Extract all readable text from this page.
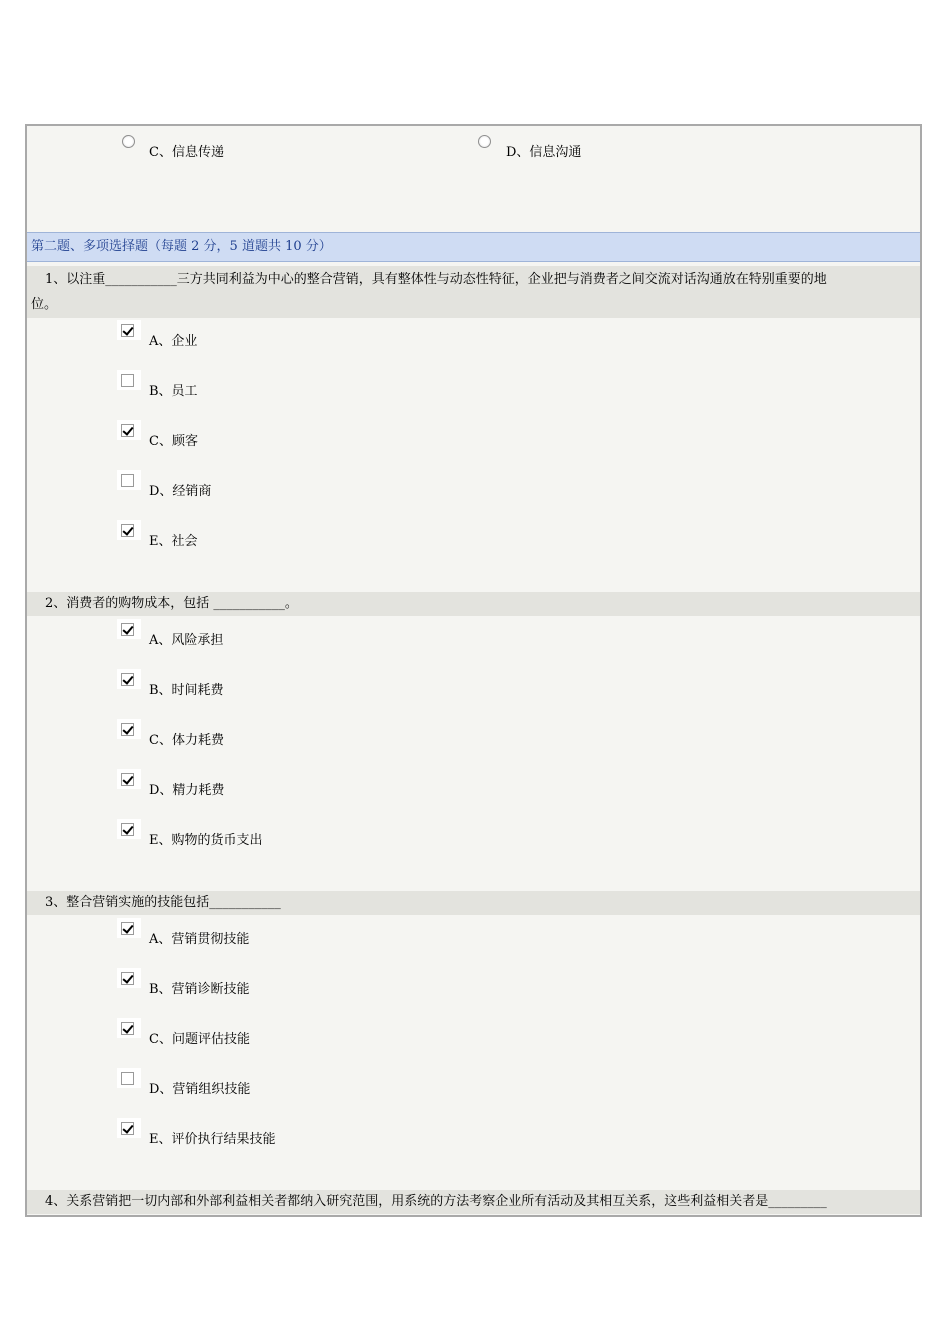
C、信息传递	D、信息沟通
第二题、多项选择题（每题 2 分，5 道题共 10 分）
1、以注重___________三方共同利益为中心的整合营销，具有整体性与动态性特征，企业把与消费者之间交流对话沟通放在特别重要的地
位。
2、消费者的购物成本，包括 ___________。
3、整合营销实施的技能包括___________
4、关系营销把一切内部和外部利益相关者都纳入研究范围，用系统的方法考察企业所有活动及其相互关系，这些利益相关者是_________
A、企业
B、员工
C、顾客
D、经销商
E、社会
A、风险承担
B、时间耗费
C、体力耗费
D、精力耗费
E、购物的货币支出
A、营销贯彻技能
B、营销诊断技能
C、问题评估技能
D、营销组织技能
E、评价执行结果技能
